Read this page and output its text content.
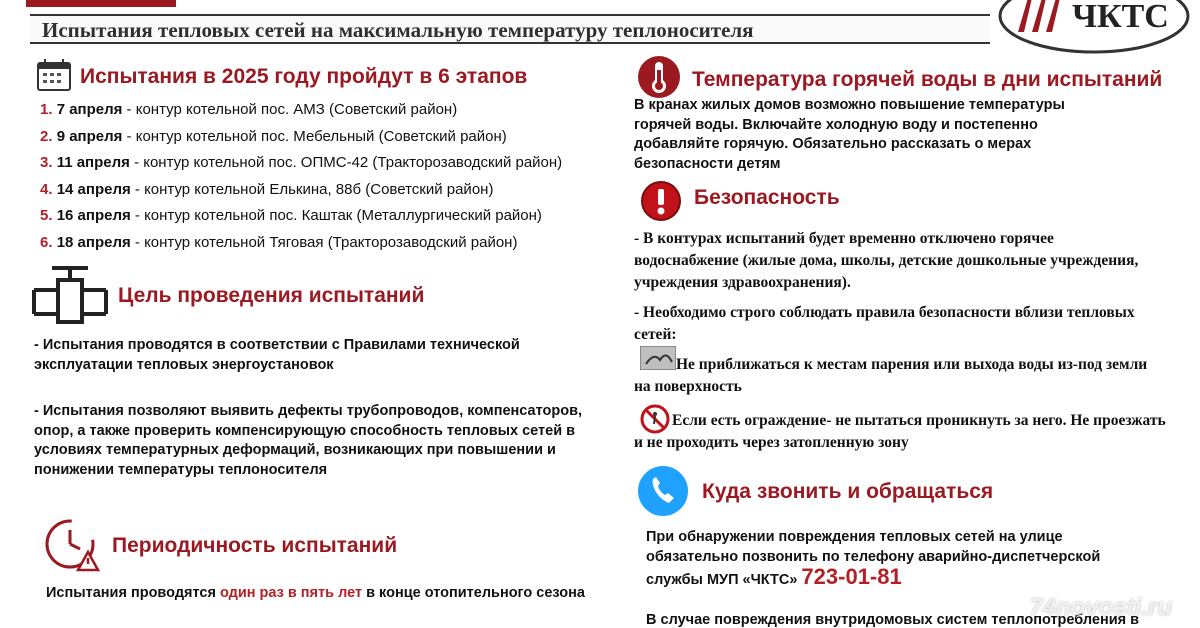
Испытания тепловых сетей на максимальную температуру теплоносителя	ЧКТС
Испытания в 2025 году пройдут в 6 этапов
1. 7 апреля - контур котельной пос. АМЗ (Советский район)
2. 9 апреля - контур котельной пос. Мебельный (Советский район)
3. 11 апреля - контур котельной пос. ОПМС-42 (Тракторозаводский район)
4. 14 апреля - контур котельной Елькина, 88б (Советский район)
5. 16 апреля - контур котельной пос. Каштак (Металлургический район)
6. 18 апреля - контур котельной Тяговая (Тракторозаводский район)
Цель проведения испытаний
- Испытания проводятся в соответствии с Правилами технической эксплуатации тепловых энергоустановок
- Испытания позволяют выявить дефекты трубопроводов, компенсаторов, опор, а также проверить компенсирующую способность тепловых сетей в условиях температурных деформаций, возникающих при повышении и понижении температуры теплоносителя
Периодичность испытаний
Испытания проводятся один раз в пять лет в конце отопительного сезона
Температура горячей воды в дни испытаний
В кранах жилых домов возможно повышение температуры горячей воды. Включайте холодную воду и постепенно добавляйте горячую. Обязательно рассказать о мерах безопасности детям
Безопасность
- В контурах испытаний будет временно отключено горячее водоснабжение (жилые дома, школы, детские дошкольные учреждения, учреждения здравоохранения).
- Необходимо строго соблюдать правила безопасности вблизи тепловых сетей:
Не приближаться к местам парения или выхода воды из-под земли на поверхность
Если есть ограждение- не пытаться проникнуть за него. Не проезжать и не проходить через затопленную зону
Куда звонить и обращаться
При обнаружении повреждения тепловых сетей на улице обязательно позвонить по телефону аварийно-диспетчерской службы МУП «ЧКТС» 723-01-81
В случае повреждения внутридомовых систем теплопотребления в
74novosti.ru
